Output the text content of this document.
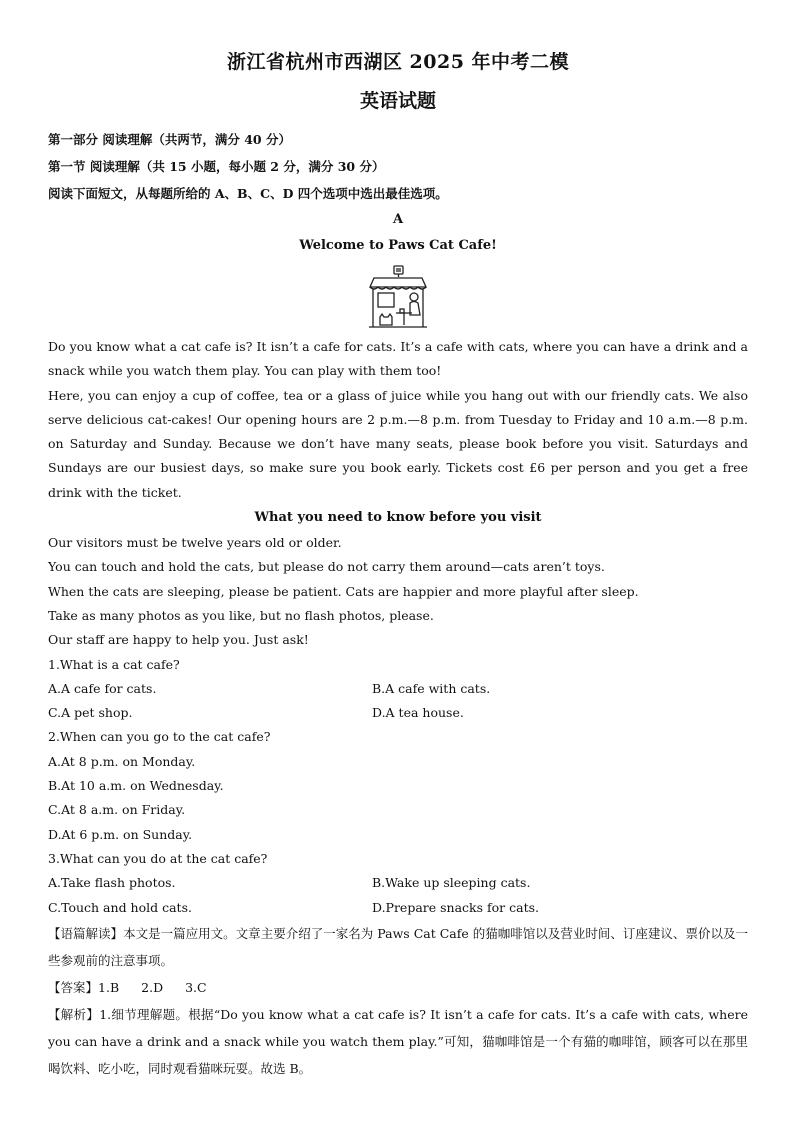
浙江省杭州市西湖区 2025 年中考二模
英语试题
第一部分 阅读理解（共两节，满分 40 分）
第一节 阅读理解（共 15 小题，每小题 2 分，满分 30 分）
阅读下面短文，从每题所给的 A、B、C、D 四个选项中选出最佳选项。
A
Welcome to Paws Cat Cafe!

Do you know what a cat cafe is? It isn’t a cafe for cats. It’s a cafe with cats, where you can have a drink and a snack while you watch them play. You can play with them too!

Here, you can enjoy a cup of coffee, tea or a glass of juice while you hang out with our friendly cats. We also serve delicious cat-cakes! Our opening hours are 2 p.m.—8 p.m. from Tuesday to Friday and 10 a.m.—8 p.m. on Saturday and Sunday. Because we don’t have many seats, please book before you visit. Saturdays and Sundays are our busiest days, so make sure you book early. Tickets cost £6 per person and you get a free drink with the ticket.

What you need to know before you visit
Our visitors must be twelve years old or older.
You can touch and hold the cats, but please do not carry them around—cats aren’t toys.
When the cats are sleeping, please be patient. Cats are happier and more playful after sleep.
Take as many photos as you like, but no flash photos, please.
Our staff are happy to help you. Just ask!
1.What is a cat cafe?
A.A cafe for cats.	B.A cafe with cats.
C.A pet shop.	D.A tea house.
2.When can you go to the cat cafe?
A.At 8 p.m. on Monday.
B.At 10 a.m. on Wednesday.
C.At 8 a.m. on Friday.
D.At 6 p.m. on Sunday.
3.What can you do at the cat cafe?
A.Take flash photos.	B.Wake up sleeping cats.
C.Touch and hold cats.	D.Prepare snacks for cats.

【语篇解读】本文是一篇应用文。文章主要介绍了一家名为 Paws Cat Cafe 的猫咖啡馆以及营业时间、订座建议、票价以及一些参观前的注意事项。

【答案】1.B 2.D 3.C

【解析】1.细节理解题。根据“Do you know what a cat cafe is? It isn’t a cafe for cats. It’s a cafe with cats, where you can have a drink and a snack while you watch them play.”可知，猫咖啡馆是一个有猫的咖啡馆，顾客可以在那里喝饮料、吃小吃，同时观看猫咪玩耍。故选 B。
